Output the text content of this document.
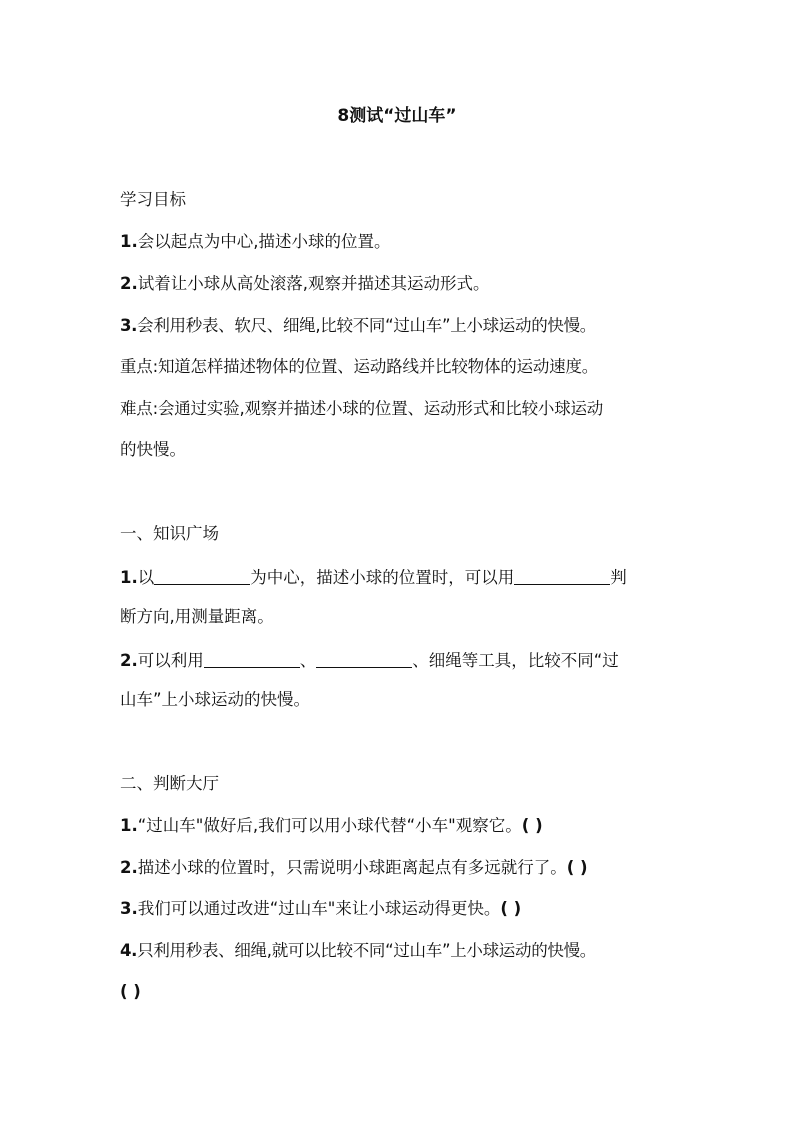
8测试“过山车”
学习目标
1.会以起点为中心,描述小球的位置。
2.试着让小球从高处滚落,观察并描述其运动形式。
3.会利用秒表、软尺、细绳,比较不同“过山车”上小球运动的快慢。
重点:知道怎样描述物体的位置、运动路线并比较物体的运动速度。
难点:会通过实验,观察并描述小球的位置、运动形式和比较小球运动
的快慢。
一、知识广场
1.以	为中心，描述小球的位置时，可以用	判
断方向,用测量距离。
2.可以利用	、	、细绳等工具，比较不同“过
山车”上小球运动的快慢。
二、判断大厅
1.“过山车"做好后,我们可以用小球代替“小车"观察它。( )
2.描述小球的位置时，只需说明小球距离起点有多远就行了。( )
3.我们可以通过改进“过山车"来让小球运动得更快。( )
4.只利用秒表、细绳,就可以比较不同“过山车”上小球运动的快慢。
( )
